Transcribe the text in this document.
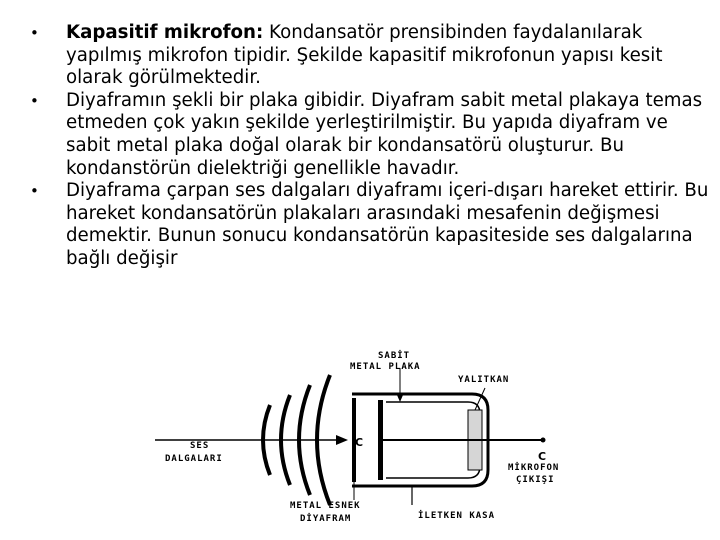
• Kapasitif mikrofon: Kondansatör prensibinden faydalanılarak yapılmış mikrofon tipidir. Şekilde kapasitif mikrofonun yapısı kesit olarak görülmektedir.
• Diyaframın şekli bir plaka gibidir. Diyafram sabit metal plakaya temas etmeden çok yakın şekilde yerleştirilmiştir. Bu yapıda diyafram ve sabit metal plaka doğal olarak bir kondansatörü oluşturur. Bu kondanstörün dielektriği genellikle havadır.
• Diyaframa çarpan ses dalgaları diyaframı içeri-dışarı hareket ettirir. Bu hareket kondansatörün plakaları arasındaki mesafenin değişmesi demektir. Bunun sonucu kondansatörün kapasiteside ses dalgalarına bağlı değişir
SES
DALGALARI
C
C
SABİT
METAL PLAKA
YALITKAN
MİKROFON
ÇIKIŞI
METAL ESNEK
DİYAFRAM	İLETKEN KASA
